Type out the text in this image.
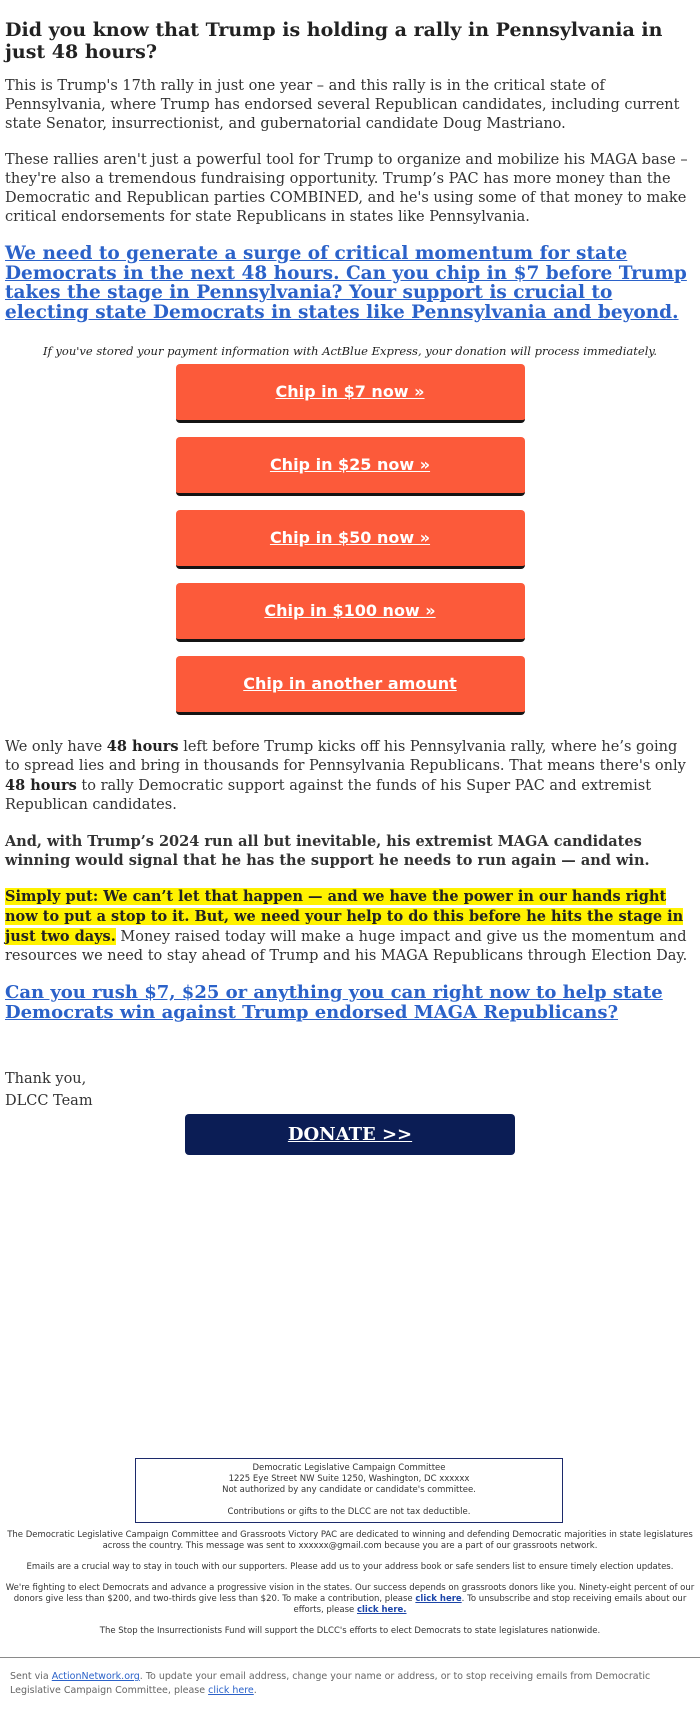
Did you know that Trump is holding a rally in Pennsylvania in just 48 hours?

This is Trump's 17th rally in just one year – and this rally is in the critical state of Pennsylvania, where Trump has endorsed several Republican candidates, including current state Senator, insurrectionist, and gubernatorial candidate Doug Mastriano.

These rallies aren't just a powerful tool for Trump to organize and mobilize his MAGA base – they're also a tremendous fundraising opportunity. Trump’s PAC has more money than the Democratic and Republican parties COMBINED, and he's using some of that money to make critical endorsements for state Republicans in states like Pennsylvania.

We need to generate a surge of critical momentum for state Democrats in the next 48 hours. Can you chip in $7 before Trump takes the stage in Pennsylvania? Your support is crucial to electing state Democrats in states like Pennsylvania and beyond.
If you've stored your payment information with ActBlue Express, your donation will process immediately.
Chip in $7 now »
Chip in $25 now »
Chip in $50 now »
Chip in $100 now »
Chip in another amount

We only have 48 hours left before Trump kicks off his Pennsylvania rally, where he’s going to spread lies and bring in thousands for Pennsylvania Republicans. That means there's only 48 hours to rally Democratic support against the funds of his Super PAC and extremist Republican candidates.

And, with Trump’s 2024 run all but inevitable, his extremist MAGA candidates winning would signal that he has the support he needs to run again — and win.

Simply put: We can’t let that happen — and we have the power in our hands right now to put a stop to it. But, we need your help to do this before he hits the stage in just two days. Money raised today will make a huge impact and give us the momentum and resources we need to stay ahead of Trump and his MAGA Republicans through Election Day.

Can you rush $7, $25 or anything you can right now to help state Democrats win against Trump endorsed MAGA Republicans?
Thank you,
DLCC Team
DONATE >>
Democratic Legislative Campaign Committee
1225 Eye Street NW Suite 1250, Washington, DC xxxxxx
Not authorized by any candidate or candidate's committee.
Contributions or gifts to the DLCC are not tax deductible.
The Democratic Legislative Campaign Committee and Grassroots Victory PAC are dedicated to winning and defending Democratic majorities in state legislatures across the country. This message was sent to xxxxxx@gmail.com because you are a part of our grassroots network.
Emails are a crucial way to stay in touch with our supporters. Please add us to your address book or safe senders list to ensure timely election updates.
We're fighting to elect Democrats and advance a progressive vision in the states. Our success depends on grassroots donors like you. Ninety-eight percent of our donors give less than $200, and two-thirds give less than $20. To make a contribution, please click here. To unsubscribe and stop receiving emails about our efforts, please click here.
The Stop the Insurrectionists Fund will support the DLCC's efforts to elect Democrats to state legislatures nationwide.
Sent via ActionNetwork.org. To update your email address, change your name or address, or to stop receiving emails from Democratic Legislative Campaign Committee, please click here.
